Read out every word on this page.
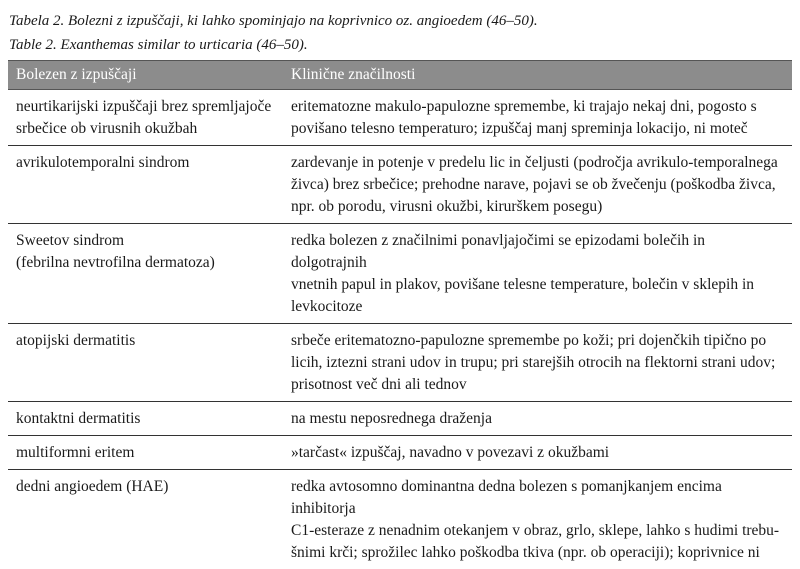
Tabela 2. Bolezni z izpuščaji, ki lahko spominjajo na koprivnico oz. angioedem (46–50).
Table 2. Exanthemas similar to urticaria (46–50).
Bolezen z izpuščaji	Klinične značilnosti
neurtikarijski izpuščaji brez spremljajoče
srbečice ob virusnih okužbah	eritematozne makulo-papulozne spremembe, ki trajajo nekaj dni, pogosto s
povišano telesno temperaturo; izpuščaj manj spreminja lokacijo, ni moteč
avrikulotemporalni sindrom	zardevanje in potenje v predelu lic in čeljusti (področja avrikulo-temporalnega
živca) brez srbečice; prehodne narave, pojavi se ob žvečenju (poškodba živca,
npr. ob porodu, virusni okužbi, kirurškem posegu)
Sweetov sindrom
(febrilna nevtrofilna dermatoza)	redka bolezen z značilnimi ponavljajočimi se epizodami bolečih in dolgotrajnih
vnetnih papul in plakov, povišane telesne temperature, bolečin v sklepih in
levkocitoze
atopijski dermatitis	srbeče eritematozno-papulozne spremembe po koži; pri dojenčkih tipično po
licih, iztezni strani udov in trupu; pri starejših otrocih na flektorni strani udov;
prisotnost več dni ali tednov
kontaktni dermatitis	na mestu neposrednega draženja
multiformni eritem	»tarčast« izpuščaj, navadno v povezavi z okužbami
dedni angioedem (HAE)	redka avtosomno dominantna dedna bolezen s pomanjkanjem encima inhibitorja
C1-esteraze z nenadnim otekanjem v obraz, grlo, sklepe, lahko s hudimi trebu-
šnimi krči; sprožilec lahko poškodba tkiva (npr. ob operaciji); koprivnice ni
